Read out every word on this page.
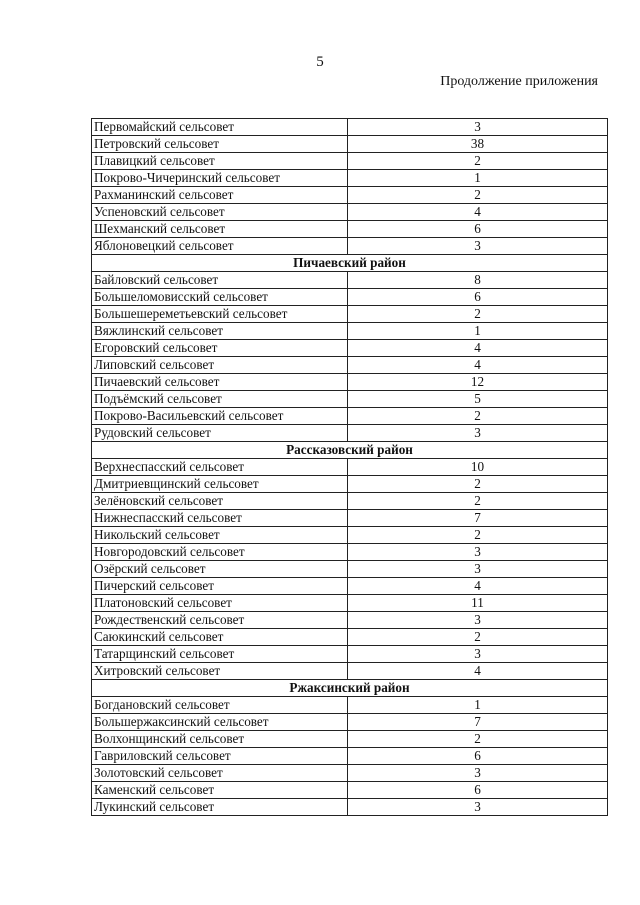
5
Продолжение приложения
Первомайский сельсовет	3
Петровский сельсовет	38
Плавицкий сельсовет	2
Покрово-Чичеринский сельсовет	1
Рахманинский сельсовет	2
Успеновский сельсовет	4
Шехманский сельсовет	6
Яблоновецкий сельсовет	3
Пичаевский район	
Байловский сельсовет	8
Большеломовисский сельсовет	6
Большешереметьевский сельсовет	2
Вяжлинский сельсовет	1
Егоровский сельсовет	4
Липовский сельсовет	4
Пичаевский сельсовет	12
Подъёмский сельсовет	5
Покрово-Васильевский сельсовет	2
Рудовский сельсовет	3
Рассказовский район	
Верхнеспасский сельсовет	10
Дмитриевщинский сельсовет	2
Зелёновский сельсовет	2
Нижнеспасский сельсовет	7
Никольский сельсовет	2
Новгородовский сельсовет	3
Озёрский сельсовет	3
Пичерский сельсовет	4
Платоновский сельсовет	11
Рождественский сельсовет	3
Саюкинский сельсовет	2
Татарщинский сельсовет	3
Хитровский сельсовет	4
Ржаксинский район	
Богдановский сельсовет	1
Большержаксинский сельсовет	7
Волхонщинский сельсовет	2
Гавриловский сельсовет	6
Золотовский сельсовет	3
Каменский сельсовет	6
Лукинский сельсовет	3
